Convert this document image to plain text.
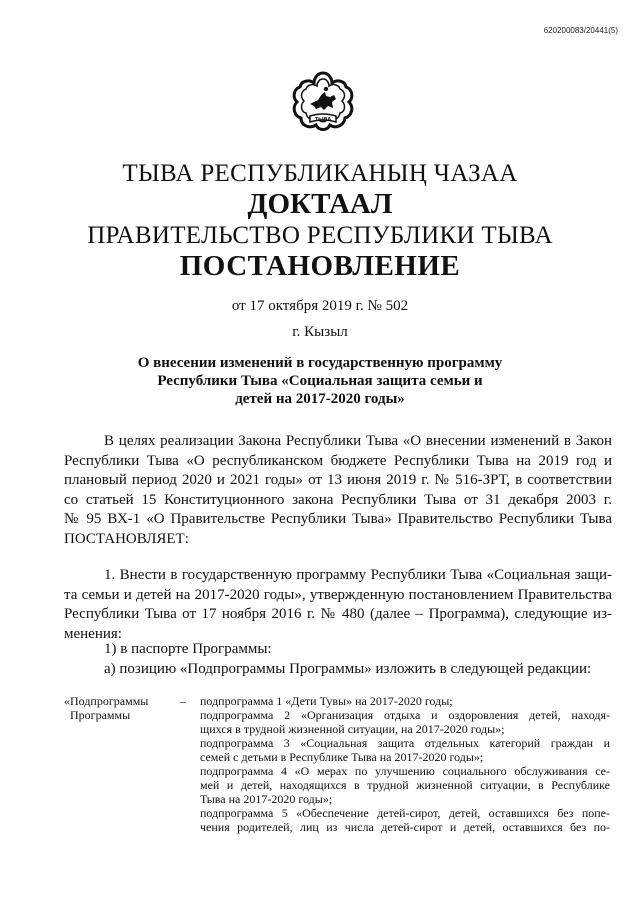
620200083/20441(5)
ТЫВА
ТЫВА РЕСПУБЛИКАНЫҢ ЧАЗАА
ДОКТААЛ
ПРАВИТЕЛЬСТВО РЕСПУБЛИКИ ТЫВА
ПОСТАНОВЛЕНИЕ
от 17 октября 2019 г. № 502
г. Кызыл
О внесении изменений в государственную программу
Республики Тыва «Социальная защита семьи и
детей на 2017-2020 годы»
В целях реализации Закона Республики Тыва «О внесении изменений в Закон
Республики Тыва «О республиканском бюджете Республики Тыва на 2019 год и
плановый период 2020 и 2021 годы» от 13 июня 2019 г. № 516-ЗРТ, в соответствии
со статьей 15 Конституционного закона Республики Тыва от 31 декабря 2003 г.
№ 95 ВХ-1 «О Правительстве Республики Тыва» Правительство Республики Тыва
ПОСТАНОВЛЯЕТ:
1. Внести в государственную программу Республики Тыва «Социальная защи-
та семьи и детей на 2017-2020 годы», утвержденную постановлением Правительства
Республики Тыва от 17 ноября 2016 г. № 480 (далее – Программа), следующие из-
менения:
1) в паспорте Программы:
а) позицию «Подпрограммы Программы» изложить в следующей редакции:
«Подпрограммы
Программы
– подпрограмма 1 «Дети Тувы» на 2017-2020 годы;
подпрограмма 2 «Организация отдыха и оздоровления детей, находя-
щихся в трудной жизненной ситуации, на 2017-2020 годы»;
подпрограмма 3 «Социальная защита отдельных категорий граждан и
семей с детьми в Республике Тыва на 2017-2020 годы»;
подпрограмма 4 «О мерах по улучшению социального обслуживания се-
мей и детей, находящихся в трудной жизненной ситуации, в Республике
Тыва на 2017-2020 годы»;
подпрограмма 5 «Обеспечение детей-сирот, детей, оставшихся без попе-
чения родителей, лиц из числа детей-сирот и детей, оставшихся без по-
